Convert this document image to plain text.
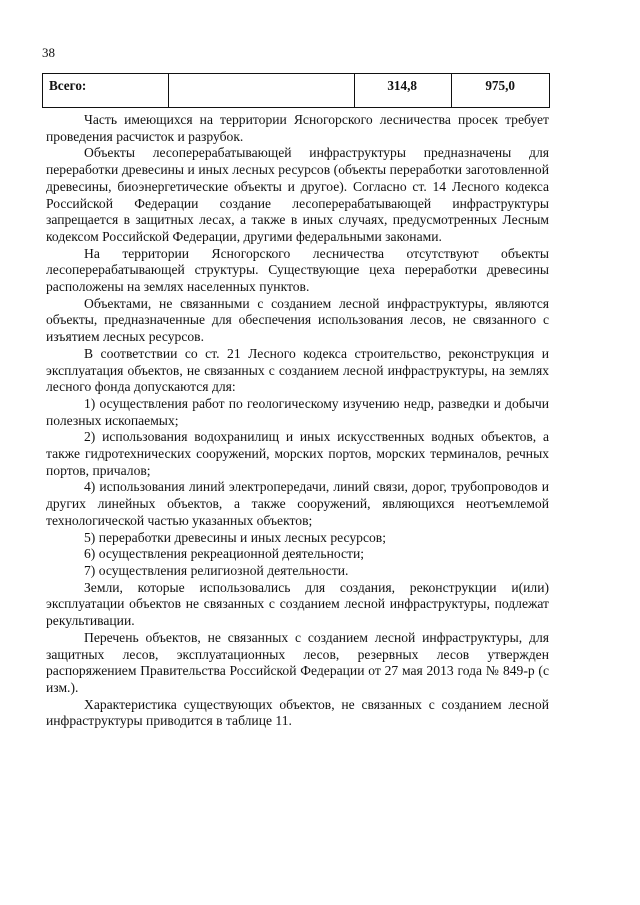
38
Всего:		314,8	975,0

Часть имеющихся на территории Ясногорского лесничества просек требует проведения расчисток и разрубок.

Объекты лесоперерабатывающей инфраструктуры предназначены для переработки древесины и иных лесных ресурсов (объекты переработки заготовленной древесины, биоэнергетические объекты и другое). Согласно ст. 14 Лесного кодекса Российской Федерации создание лесоперерабатывающей инфраструктуры запрещается в защитных лесах, а также в иных случаях, предусмотренных Лесным кодексом Российской Федерации, другими федеральными законами.

На территории Ясногорского лесничества отсутствуют объекты лесоперерабатывающей структуры. Существующие цеха переработки древесины расположены на землях населенных пунктов.

Объектами, не связанными с созданием лесной инфраструктуры, являются объекты, предназначенные для обеспечения использования лесов, не связанного с изъятием лесных ресурсов.

В соответствии со ст. 21 Лесного кодекса строительство, реконструкция и эксплуатация объектов, не связанных с созданием лесной инфраструктуры, на землях лесного фонда допускаются для:

1) осуществления работ по геологическому изучению недр, разведки и добычи полезных ископаемых;

2) использования водохранилищ и иных искусственных водных объектов, а также гидротехнических сооружений, морских портов, морских терминалов, речных портов, причалов;

4) использования линий электропередачи, линий связи, дорог, трубопроводов и других линейных объектов, а также сооружений, являющихся неотъемлемой технологической частью указанных объектов;

5) переработки древесины и иных лесных ресурсов;

6) осуществления рекреационной деятельности;

7) осуществления религиозной деятельности.

Земли, которые использовались для создания, реконструкции и(или) эксплуатации объектов не связанных с созданием лесной инфраструктуры, подлежат рекультивации.

Перечень объектов, не связанных с созданием лесной инфраструктуры, для защитных лесов, эксплуатационных лесов, резервных лесов утвержден распоряжением Правительства Российской Федерации от 27 мая 2013 года № 849-р (с изм.).

Характеристика существующих объектов, не связанных с созданием лесной инфраструктуры приводится в таблице 11.
